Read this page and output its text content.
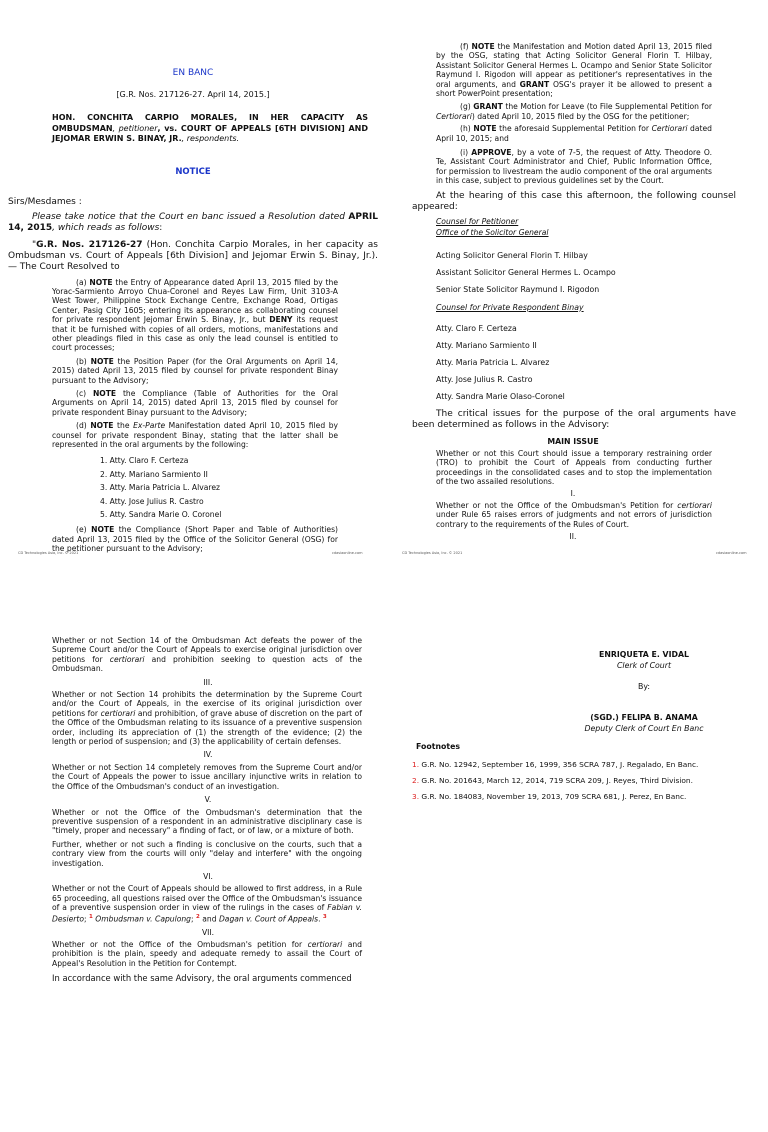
EN BANC

[G.R. Nos. 217126-27. April 14, 2015.]

HON. CONCHITA CARPIO MORALES, IN HER CAPACITY AS OMBUDSMAN, petitioner, vs. COURT OF APPEALS [6TH DIVISION] AND JEJOMAR ERWIN S. BINAY, JR., respondents.

NOTICE

Sirs/Mesdames :

Please take notice that the Court en banc issued a Resolution dated APRIL 14, 2015, which reads as follows:

"G.R. Nos. 217126-27 (Hon. Conchita Carpio Morales, in her capacity as Ombudsman vs. Court of Appeals [6th Division] and Jejomar Erwin S. Binay, Jr.). — The Court Resolved to

(a) NOTE the Entry of Appearance dated April 13, 2015 filed by the Yorac-Sarmiento Arroyo Chua-Coronel and Reyes Law Firm, Unit 3103-A West Tower, Philippine Stock Exchange Centre, Exchange Road, Ortigas Center, Pasig City 1605; entering its appearance as collaborating counsel for private respondent Jejomar Erwin S. Binay, Jr., but DENY its request that it be furnished with copies of all orders, motions, manifestations and other pleadings filed in this case as only the lead counsel is entitled to court processes;

(b) NOTE the Position Paper (for the Oral Arguments on April 14, 2015) dated April 13, 2015 filed by counsel for private respondent Binay pursuant to the Advisory;

(c) NOTE the Compliance (Table of Authorities for the Oral Arguments on April 14, 2015) dated April 13, 2015 filed by counsel for private respondent Binay pursuant to the Advisory;

(d) NOTE the Ex-Parte Manifestation dated April 10, 2015 filed by counsel for private respondent Binay, stating that the latter shall be represented in the oral arguments by the following:

1. Atty. Claro F. Certeza
2. Atty. Mariano Sarmiento II
3. Atty. Maria Patricia L. Alvarez
4. Atty. Jose Julius R. Castro
5. Atty. Sandra Marie O. Coronel

(e) NOTE the Compliance (Short Paper and Table of Authorities) dated April 13, 2015 filed by the Office of the Solicitor General (OSG) for the petitioner pursuant to the Advisory;

CD Technologies Asia, Inc. © 2021	cdasiaonline.com

(f) NOTE the Manifestation and Motion dated April 13, 2015 filed by the OSG, stating that Acting Solicitor General Florin T. Hilbay, Assistant Solicitor General Hermes L. Ocampo and Senior State Solicitor Raymund I. Rigodon will appear as petitioner's representatives in the oral arguments, and GRANT OSG's prayer it be allowed to present a short PowerPoint presentation;

(g) GRANT the Motion for Leave (to File Supplemental Petition for Certiorari) dated April 10, 2015 filed by the OSG for the petitioner;

(h) NOTE the aforesaid Supplemental Petition for Certiorari dated April 10, 2015; and

(i) APPROVE, by a vote of 7-5, the request of Atty. Theodore O. Te, Assistant Court Administrator and Chief, Public Information Office, for permission to livestream the audio component of the oral arguments in this case, subject to previous guidelines set by the Court.

At the hearing of this case this afternoon, the following counsel appeared:

Counsel for Petitioner
Office of the Solicitor General
Acting Solicitor General Florin T. Hilbay
Assistant Solicitor General Hermes L. Ocampo
Senior State Solicitor Raymund I. Rigodon
Counsel for Private Respondent Binay
Atty. Claro F. Certeza
Atty. Mariano Sarmiento II
Atty. Maria Patricia L. Alvarez
Atty. Jose Julius R. Castro
Atty. Sandra Marie Olaso-Coronel

The critical issues for the purpose of the oral arguments have been determined as follows in the Advisory:

MAIN ISSUE

Whether or not this Court should issue a temporary restraining order (TRO) to prohibit the Court of Appeals from conducting further proceedings in the consolidated cases and to stop the implementation of the two assailed resolutions.

I.

Whether or not the Office of the Ombudsman's Petition for certiorari under Rule 65 raises errors of judgments and not errors of jurisdiction contrary to the requirements of the Rules of Court.

II.

CD Technologies Asia, Inc. © 2021	cdasiaonline.com

Whether or not Section 14 of the Ombudsman Act defeats the power of the Supreme Court and/or the Court of Appeals to exercise original jurisdiction over petitions for certiorari and prohibition seeking to question acts of the Ombudsman.

III.

Whether or not Section 14 prohibits the determination by the Supreme Court and/or the Court of Appeals, in the exercise of its original jurisdiction over petitions for certiorari and prohibition, of grave abuse of discretion on the part of the Office of the Ombudsman relating to its issuance of a preventive suspension order, including its appreciation of (1) the strength of the evidence; (2) the length or period of suspension; and (3) the applicability of certain defenses.

IV.

Whether or not Section 14 completely removes from the Supreme Court and/or the Court of Appeals the power to issue ancillary injunctive writs in relation to the Office of the Ombudsman's conduct of an investigation.

V.

Whether or not the Office of the Ombudsman's determination that the preventive suspension of a respondent in an administrative disciplinary case is "timely, proper and necessary" a finding of fact, or of law, or a mixture of both.

Further, whether or not such a finding is conclusive on the courts, such that a contrary view from the courts will only "delay and interfere" with the ongoing investigation.

VI.

Whether or not the Court of Appeals should be allowed to first address, in a Rule 65 proceeding, all questions raised over the Office of the Ombudsman's issuance of a preventive suspension order in view of the rulings in the cases of Fabian v. Desierto; $^1$ Ombudsman v. Capulong; $^2$ and Dagan v. Court of Appeals. $^3$

VII.

Whether or not the Office of the Ombudsman's petition for certiorari and prohibition is the plain, speedy and adequate remedy to assail the Court of Appeal's Resolution in the Petition for Contempt.

In accordance with the same Advisory, the oral arguments commenced

ENRIQUETA E. VIDAL

Clerk of Court

By:

(SGD.) FELIPA B. ANAMA

Deputy Clerk of Court En Banc

Footnotes

1. G.R. No. 12942, September 16, 1999, 356 SCRA 787, J. Regalado, En Banc.
2. G.R. No. 201643, March 12, 2014, 719 SCRA 209, J. Reyes, Third Division.
3. G.R. No. 184083, November 19, 2013, 709 SCRA 681, J. Perez, En Banc.
